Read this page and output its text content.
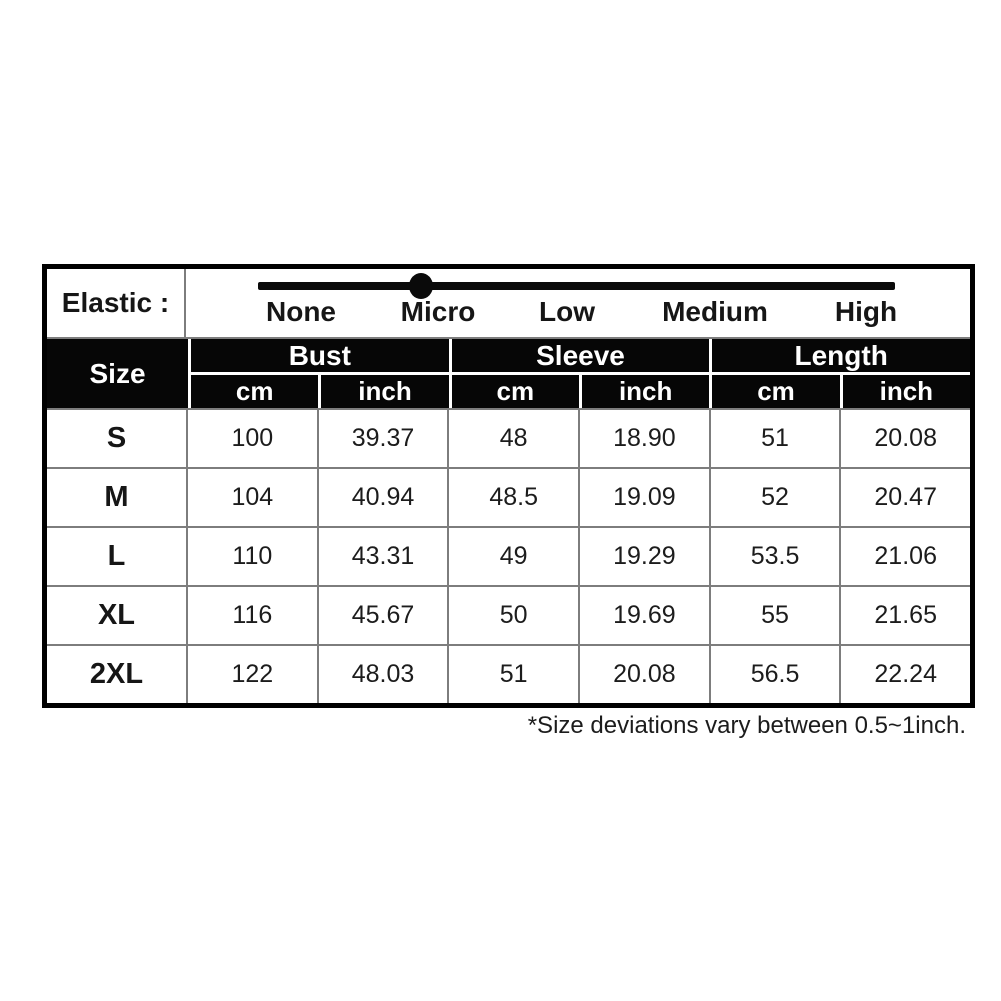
Elastic :	None Micro Low Medium High
Size
Bust	Sleeve	Length
cm	inch	cm	inch	cm	inch
S	100	39.37	48	18.90	51	20.08
M	104	40.94	48.5	19.09	52	20.47
L	110	43.31	49	19.29	53.5	21.06
XL	116	45.67	50	19.69	55	21.65
2XL	122	48.03	51	20.08	56.5	22.24
*Size deviations vary between 0.5~1inch.
